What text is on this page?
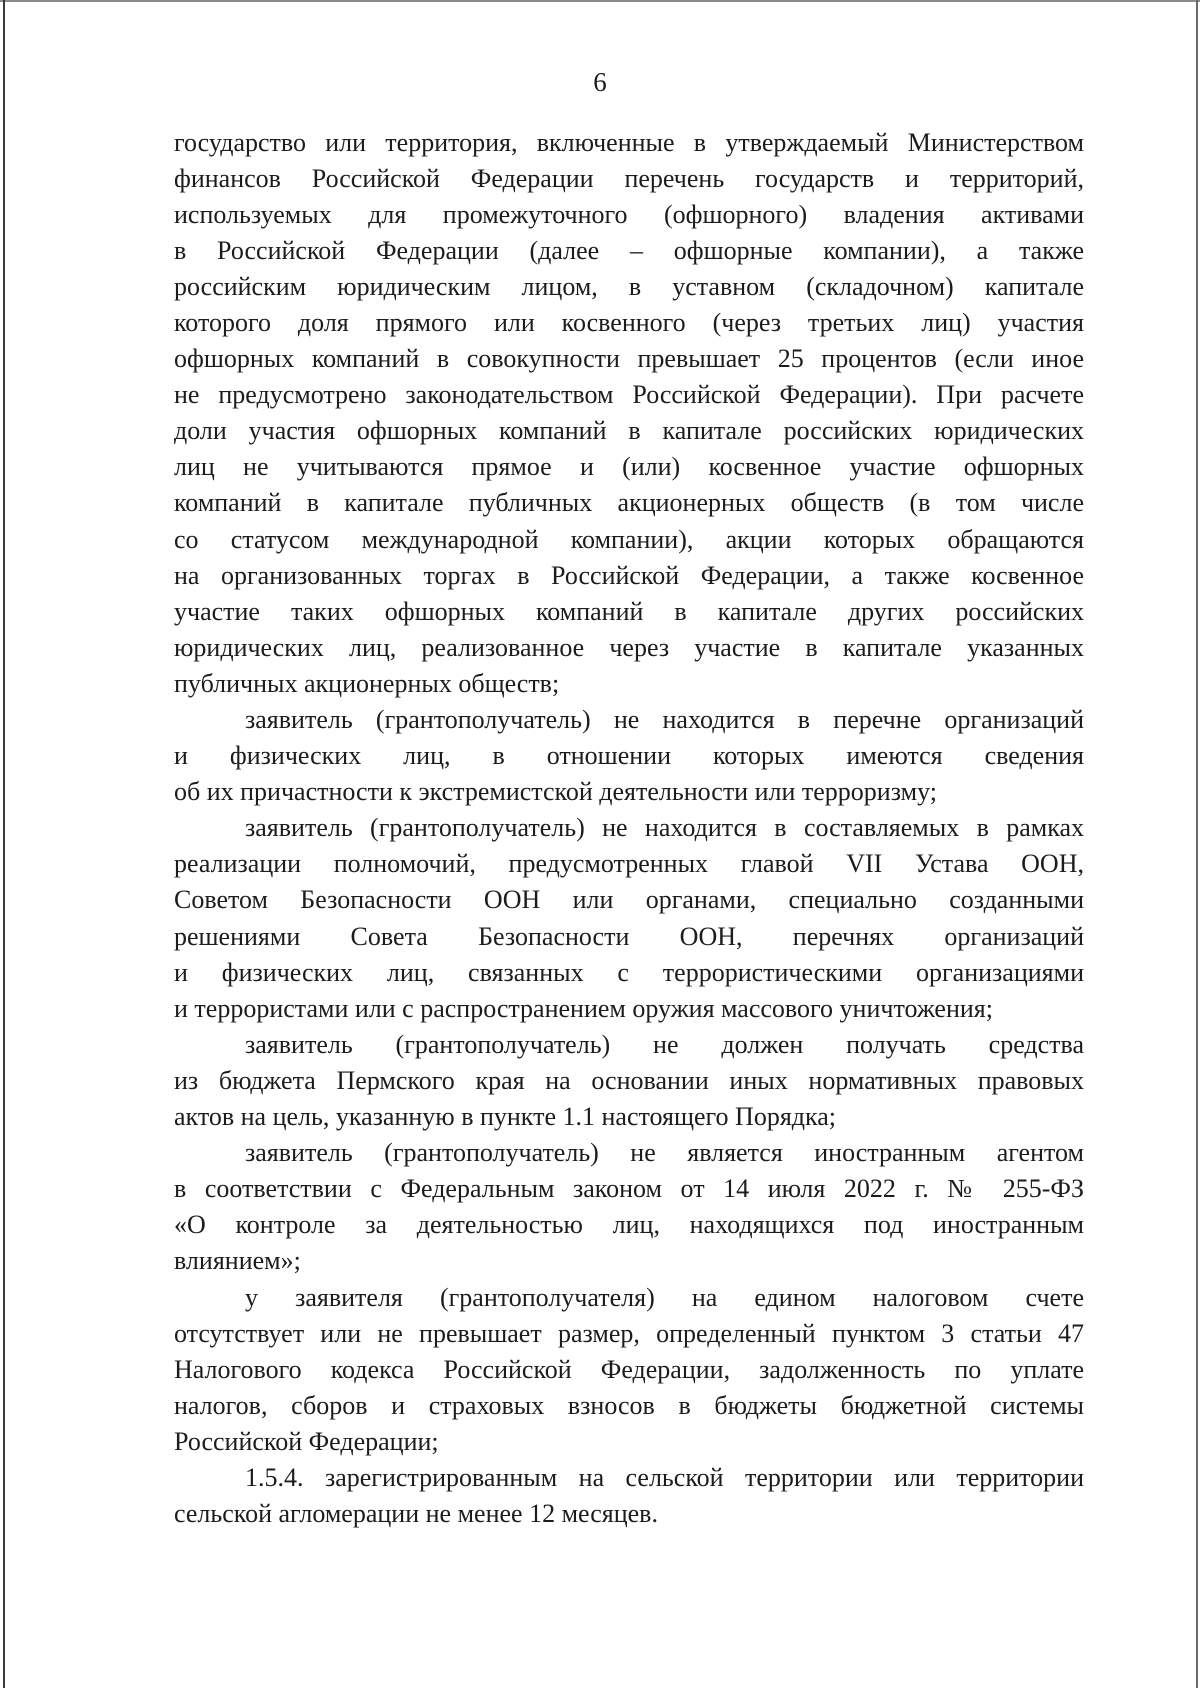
6
государство или территория, включенные в утверждаемый Министерством
финансов Российской Федерации перечень государств и территорий,
используемых для промежуточного (офшорного) владения активами
в Российской Федерации (далее – офшорные компании), а также
российским юридическим лицом, в уставном (складочном) капитале
которого доля прямого или косвенного (через третьих лиц) участия
офшорных компаний в совокупности превышает 25 процентов (если иное
не предусмотрено законодательством Российской Федерации). При расчете
доли участия офшорных компаний в капитале российских юридических
лиц не учитываются прямое и (или) косвенное участие офшорных
компаний в капитале публичных акционерных обществ (в том числе
со статусом международной компании), акции которых обращаются
на организованных торгах в Российской Федерации, а также косвенное
участие таких офшорных компаний в капитале других российских
юридических лиц, реализованное через участие в капитале указанных
публичных акционерных обществ;
заявитель (грантополучатель) не находится в перечне организаций
и физических лиц, в отношении которых имеются сведения
об их причастности к экстремистской деятельности или терроризму;
заявитель (грантополучатель) не находится в составляемых в рамках
реализации полномочий, предусмотренных главой VII Устава ООН,
Советом Безопасности ООН или органами, специально созданными
решениями Совета Безопасности ООН, перечнях организаций
и физических лиц, связанных с террористическими организациями
и террористами или с распространением оружия массового уничтожения;
заявитель (грантополучатель) не должен получать средства
из бюджета Пермского края на основании иных нормативных правовых
актов на цель, указанную в пункте 1.1 настоящего Порядка;
заявитель (грантополучатель) не является иностранным агентом
в соответствии с Федеральным законом от 14 июля 2022 г. № 255-ФЗ
«О контроле за деятельностью лиц, находящихся под иностранным
влиянием»;
у заявителя (грантополучателя) на едином налоговом счете
отсутствует или не превышает размер, определенный пунктом 3 статьи 47
Налогового кодекса Российской Федерации, задолженность по уплате
налогов, сборов и страховых взносов в бюджеты бюджетной системы
Российской Федерации;
1.5.4. зарегистрированным на сельской территории или территории
сельской агломерации не менее 12 месяцев.
